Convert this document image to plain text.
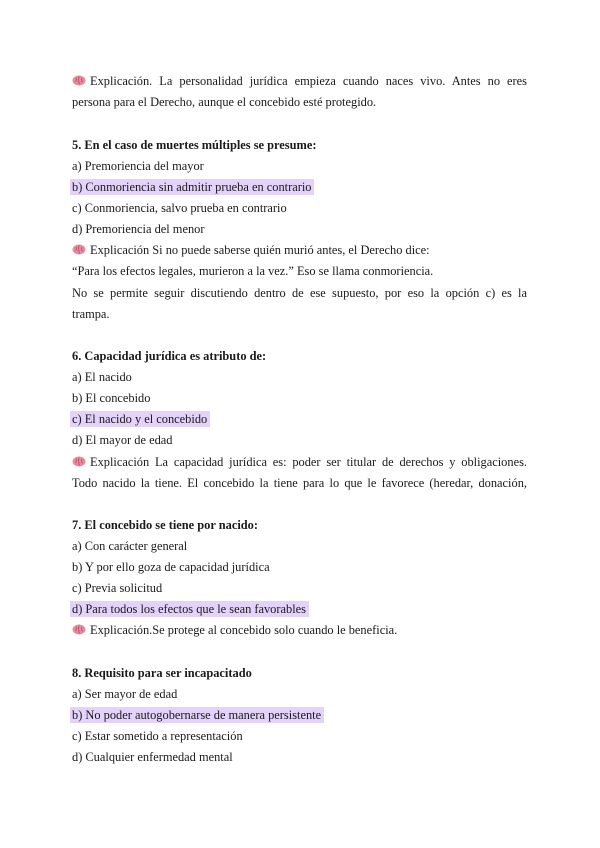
Explicación. La personalidad jurídica empieza cuando naces vivo. Antes no eres
persona para el Derecho, aunque el concebido esté protegido.
5. En el caso de muertes múltiples se presume:
a) Premoriencia del mayor
b) Conmoriencia sin admitir prueba en contrario
c) Conmoriencia, salvo prueba en contrario
d) Premoriencia del menor
Explicación Si no puede saberse quién murió antes, el Derecho dice:
“Para los efectos legales, murieron a la vez.” Eso se llama conmoriencia.
No se permite seguir discutiendo dentro de ese supuesto, por eso la opción c) es la
trampa.
6. Capacidad jurídica es atributo de:
a) El nacido
b) El concebido
c) El nacido y el concebido
d) El mayor de edad
Explicación La capacidad jurídica es: poder ser titular de derechos y obligaciones.
Todo nacido la tiene. El concebido la tiene para lo que le favorece (heredar, donación,
7. El concebido se tiene por nacido:
a) Con carácter general
b) Y por ello goza de capacidad jurídica
c) Previa solicitud
d) Para todos los efectos que le sean favorables
Explicación.Se protege al concebido solo cuando le beneficia.
8. Requisito para ser incapacitado
a) Ser mayor de edad
b) No poder autogobernarse de manera persistente
c) Estar sometido a representación
d) Cualquier enfermedad mental
